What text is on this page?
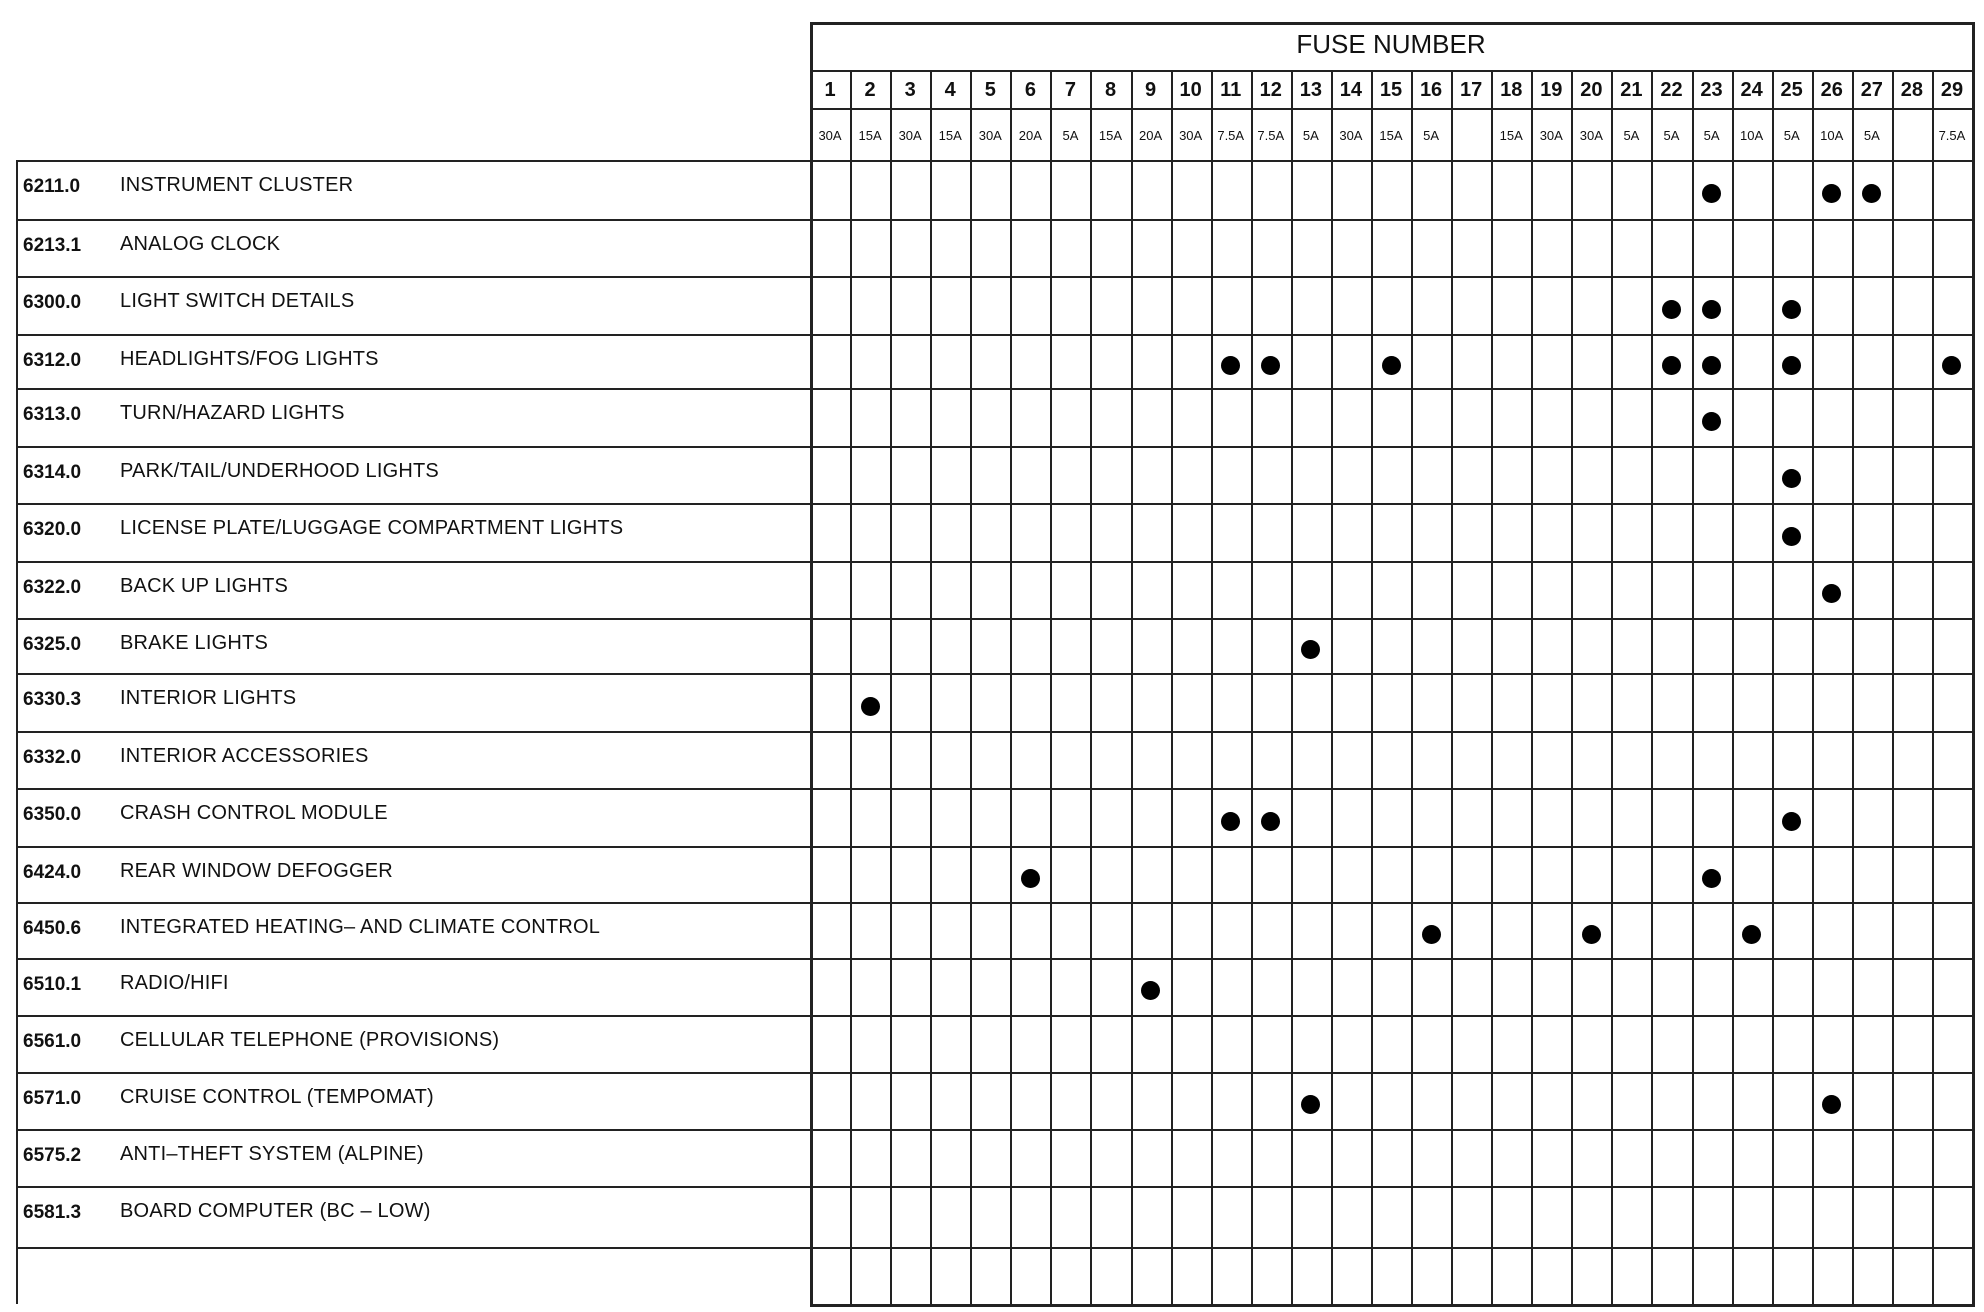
FUSE NUMBER
1
30A
2
15A
3
30A
4
15A
5
30A
6
20A
7
5A
8
15A
9
20A
10
30A
11
7.5A
12
7.5A
13
5A
14
30A
15
15A
16
5A
17 18
15A
19
30A
20
30A
21
5A
22
5A
23
5A
24
10A
25
5A
26
10A
27
5A
28 29
7.5A
6211.0 INSTRUMENT CLUSTER
6213.1 ANALOG CLOCK
6300.0 LIGHT SWITCH DETAILS
6312.0 HEADLIGHTS/FOG LIGHTS
6313.0 TURN/HAZARD LIGHTS
6314.0 PARK/TAIL/UNDERHOOD LIGHTS
6320.0 LICENSE PLATE/LUGGAGE COMPARTMENT LIGHTS
6322.0 BACK UP LIGHTS
6325.0 BRAKE LIGHTS
6330.3 INTERIOR LIGHTS
6332.0 INTERIOR ACCESSORIES
6350.0 CRASH CONTROL MODULE
6424.0 REAR WINDOW DEFOGGER
6450.6 INTEGRATED HEATING– AND CLIMATE CONTROL
6510.1 RADIO/HIFI
6561.0 CELLULAR TELEPHONE (PROVISIONS)
6571.0 CRUISE CONTROL (TEMPOMAT)
6575.2 ANTI–THEFT SYSTEM (ALPINE)
6581.3 BOARD COMPUTER (BC – LOW)
